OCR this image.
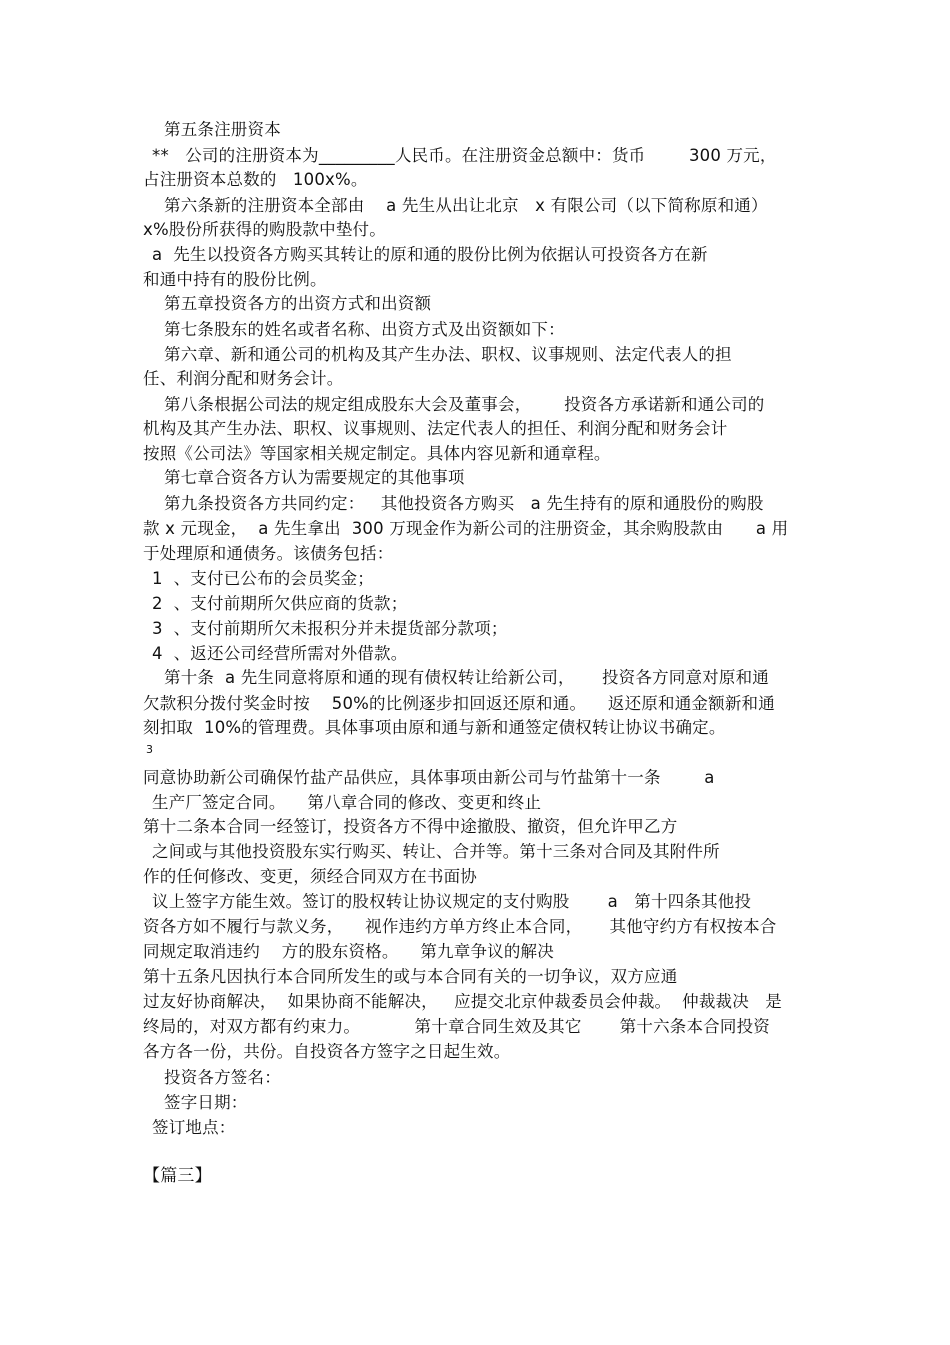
第五条注册资本
**   公司的注册资本为_________人民币。在注册资金总额中：货币        300 万元，
占注册资本总数的   100x%。
第六条新的注册资本全部由    a 先生从出让北京   x 有限公司（以下简称原和通）
x%股份所获得的购股款中垫付。
a  先生以投资各方购买其转让的原和通的股份比例为依据认可投资各方在新
和通中持有的股份比例。
第五章投资各方的出资方式和出资额
第七条股东的姓名或者名称、出资方式及出资额如下：
第六章、新和通公司的机构及其产生办法、职权、议事规则、法定代表人的担
任、利润分配和财务会计。
第八条根据公司法的规定组成股东大会及董事会，      投资各方承诺新和通公司的
机构及其产生办法、职权、议事规则、法定代表人的担任、利润分配和财务会计
按照《公司法》等国家相关规定制定。具体内容见新和通章程。
第七章合资各方认为需要规定的其他事项
第九条投资各方共同约定：   其他投资各方购买   a 先生持有的原和通股份的购股
款 x 元现金，  a 先生拿出  300 万现金作为新公司的注册资金，其余购股款由      a 用
于处理原和通债务。该债务包括：
1  、支付已公布的会员奖金；
2  、支付前期所欠供应商的货款；
3  、支付前期所欠未报积分并未提货部分款项；
4  、返还公司经营所需对外借款。
第十条  a 先生同意将原和通的现有债权转让给新公司，     投资各方同意对原和通
欠款积分拨付奖金时按    50%的比例逐步扣回返还原和通。    返还原和通金额新和通
刻扣取  10%的管理费。具体事项由原和通与新和通签定债权转让协议书确定。
3
同意协助新公司确保竹盐产品供应，具体事项由新公司与竹盐第十一条        a
生产厂签定合同。    第八章合同的修改、变更和终止
第十二条本合同一经签订，投资各方不得中途撤股、撤资，但允许甲乙方
之间或与其他投资股东实行购买、转让、合并等。第十三条对合同及其附件所
作的任何修改、变更，须经合同双方在书面协
议上签字方能生效。签订的股权转让协议规定的支付购股       a   第十四条其他投
资各方如不履行与款义务，    视作违约方单方终止本合同，     其他守约方有权按本合
同规定取消违约    方的股东资格。    第九章争议的解决
第十五条凡因执行本合同所发生的或与本合同有关的一切争议，双方应通
过友好协商解决，  如果协商不能解决，   应提交北京仲裁委员会仲裁。  仲裁裁决   是
终局的，对双方都有约束力。          第十章合同生效及其它       第十六条本合同投资
各方各一份，共份。自投资各方签字之日起生效。
投资各方签名：
签字日期：
签订地点：
【篇三】
